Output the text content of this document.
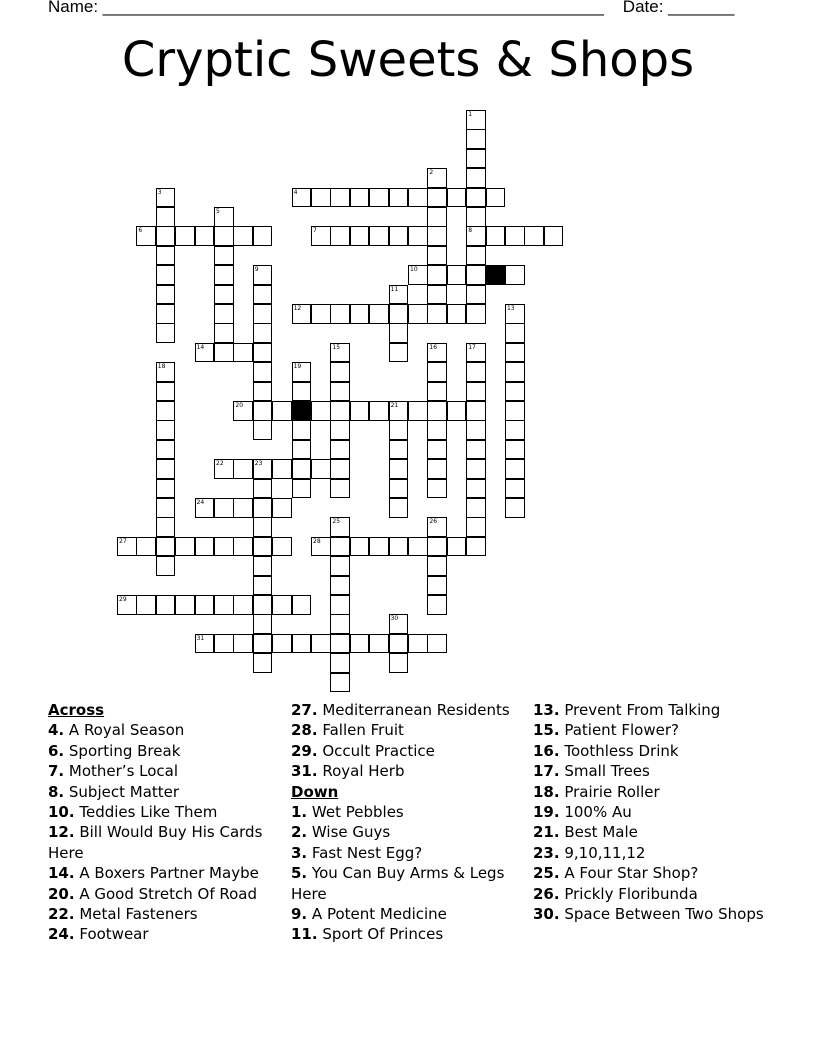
Name: _____________________________________________________ Date: _______
Cryptic Sweets & Shops
1
8
2
3	4
5
6	7
9	10
11
12	13
14	15	16	17
18	19
20	21
22	23
24
25	26
27	28
29
30
31
Across
4. A Royal Season
6. Sporting Break
7. Mother’s Local
8. Subject Matter
10. Teddies Like Them
12. Bill Would Buy His Cards Here
14. A Boxers Partner Maybe
20. A Good Stretch Of Road
22. Metal Fasteners
24. Footwear
27. Mediterranean Residents
28. Fallen Fruit
29. Occult Practice
31. Royal Herb
Down
1. Wet Pebbles
2. Wise Guys
3. Fast Nest Egg?
5. You Can Buy Arms & Legs Here
9. A Potent Medicine
11. Sport Of Princes
13. Prevent From Talking
15. Patient Flower?
16. Toothless Drink
17. Small Trees
18. Prairie Roller
19. 100% Au
21. Best Male
23. 9,10,11,12
25. A Four Star Shop?
26. Prickly Floribunda
30. Space Between Two Shops
